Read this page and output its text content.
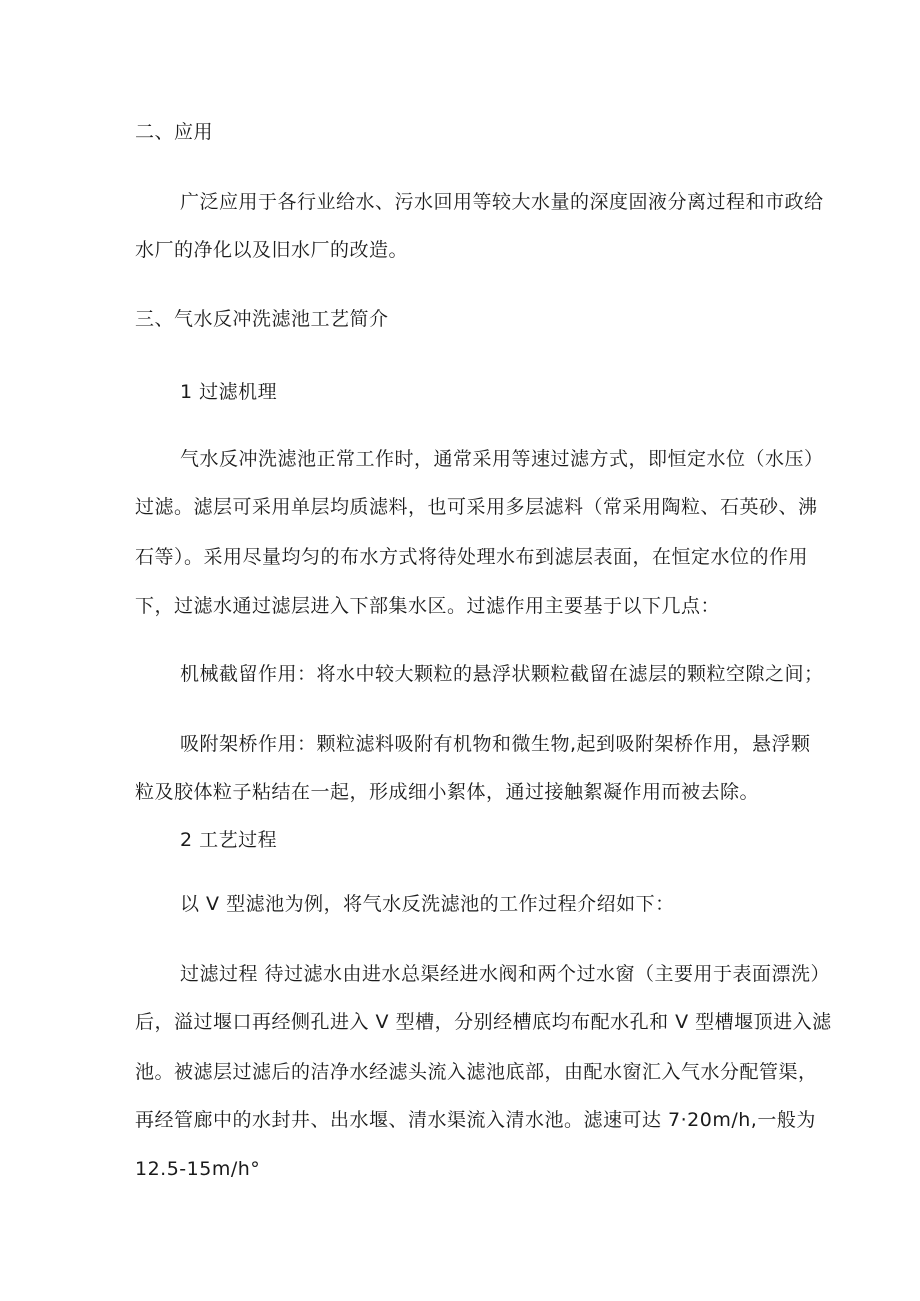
二、应用
广泛应用于各行业给水、污水回用等较大水量的深度固液分离过程和市政给
水厂的净化以及旧水厂的改造。
三、气水反冲洗滤池工艺简介
1 过滤机理
气水反冲洗滤池正常工作时，通常采用等速过滤方式，即恒定水位（水压）
过滤。滤层可采用单层均质滤料，也可采用多层滤料（常采用陶粒、石英砂、沸
石等）。采用尽量均匀的布水方式将待处理水布到滤层表面，在恒定水位的作用
下，过滤水通过滤层进入下部集水区。过滤作用主要基于以下几点：
机械截留作用：将水中较大颗粒的悬浮状颗粒截留在滤层的颗粒空隙之间；
吸附架桥作用：颗粒滤料吸附有机物和微生物,起到吸附架桥作用，悬浮颗
粒及胶体粒子粘结在一起，形成细小絮体，通过接触絮凝作用而被去除。
2 工艺过程
以 V 型滤池为例，将气水反洗滤池的工作过程介绍如下：
过滤过程 待过滤水由进水总渠经进水阀和两个过水窗（主要用于表面漂洗）
后，溢过堰口再经侧孔进入 V 型槽，分别经槽底均布配水孔和 V 型槽堰顶进入滤
池。被滤层过滤后的洁净水经滤头流入滤池底部，由配水窗汇入气水分配管渠，
再经管廊中的水封井、出水堰、清水渠流入清水池。滤速可达 7·20m/h,一般为
12.5-15m/h°
